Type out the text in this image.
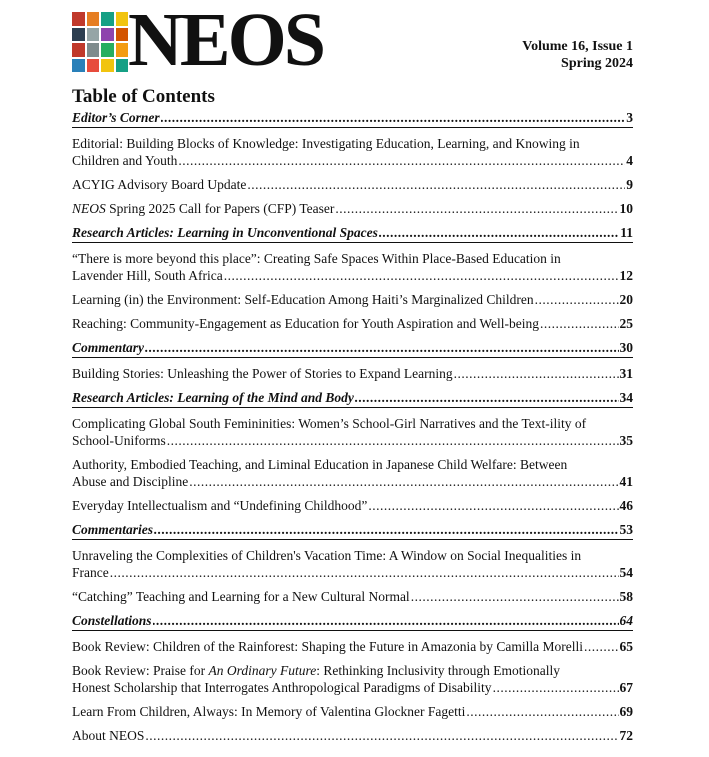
NEOS	Volume 16, Issue 1
Spring 2024
Table of Contents
Editor’s Corner .....	3
Editorial: Building Blocks of Knowledge: Investigating Education, Learning, and Knowing in
Children and Youth .....	4
ACYIG Advisory Board Update .....	9
NEOS Spring 2025 Call for Papers (CFP) Teaser .....	10
Research Articles: Learning in Unconventional Spaces .....	11
“There is more beyond this place”: Creating Safe Spaces Within Place-Based Education in
Lavender Hill, South Africa .....	12
Learning (in) the Environment: Self-Education Among Haiti’s Marginalized Children .....	20
Reaching: Community-Engagement as Education for Youth Aspiration and Well-being .....	25
Commentary .....	30
Building Stories: Unleashing the Power of Stories to Expand Learning .....	31
Research Articles: Learning of the Mind and Body .....	34
Complicating Global South Femininities: Women’s School-Girl Narratives and the Text-ility of
School-Uniforms .....	35
Authority, Embodied Teaching, and Liminal Education in Japanese Child Welfare: Between
Abuse and Discipline .....	41
Everyday Intellectualism and “Undefining Childhood” .....	46
Commentaries .....	53
Unraveling the Complexities of Children's Vacation Time: A Window on Social Inequalities in
France .....	54
“Catching” Teaching and Learning for a New Cultural Normal .....	58
Constellations .....	64
Book Review: Children of the Rainforest: Shaping the Future in Amazonia by Camilla Morelli .....	65
Book Review: Praise for An Ordinary Future: Rethinking Inclusivity through Emotionally
Honest Scholarship that Interrogates Anthropological Paradigms of Disability .....	67
Learn From Children, Always: In Memory of Valentina Glockner Fagetti .....	69
About NEOS .....	72
